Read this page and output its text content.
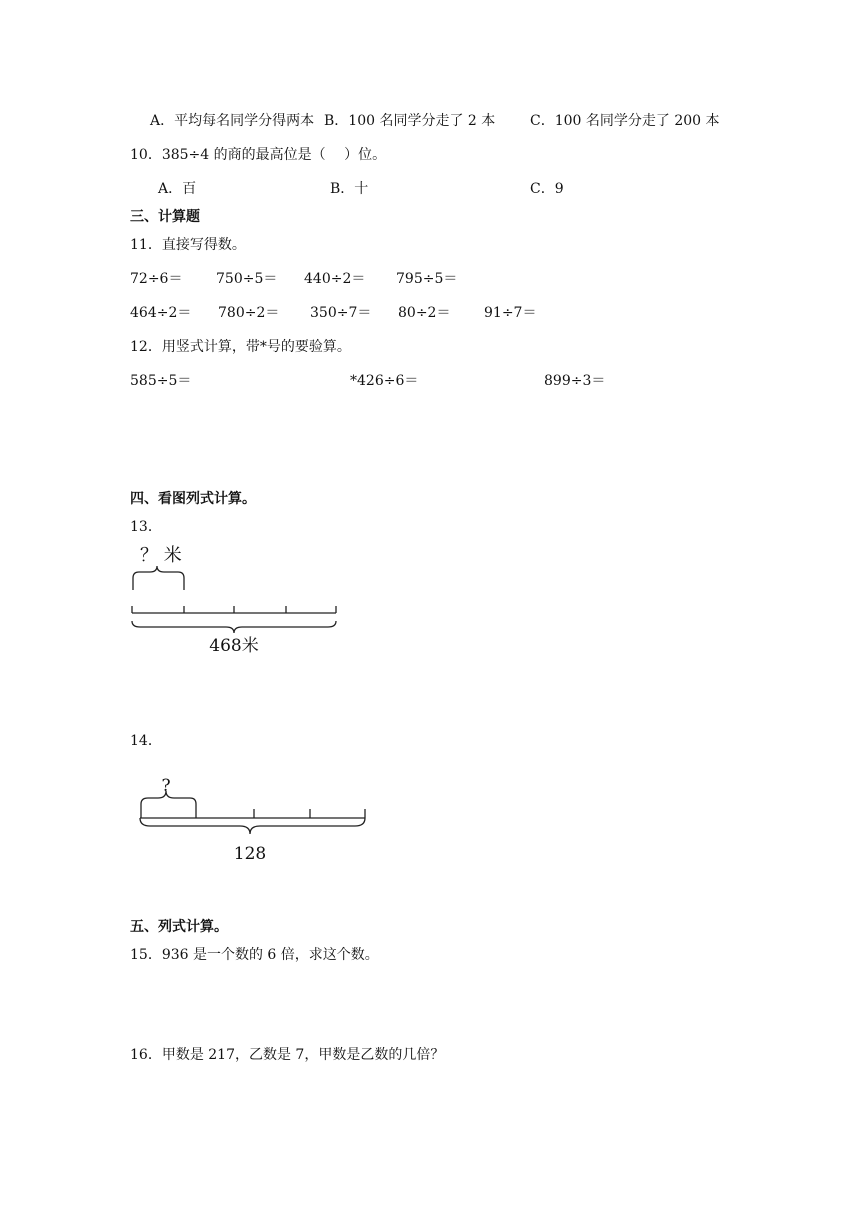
A．平均每名同学分得两本 B．100 名同学分走了 2 本 C．100 名同学分走了 200 本
10．385÷4 的商的最高位是（　 ）位。
A．百	B．十	C．9
三、计算题
11．直接写得数。
72÷6＝ 750÷5＝ 440÷2＝ 795÷5＝
464÷2＝ 780÷2＝ 350÷7＝ 80÷2＝ 91÷7＝
12．用竖式计算，带*号的要验算。
585÷5＝	*426÷6＝	899÷3＝
四、看图列式计算。
13．
？ 米
468米
14．
?
128
五、列式计算。
15．936 是一个数的 6 倍，求这个数。
16．甲数是 217，乙数是 7，甲数是乙数的几倍？
